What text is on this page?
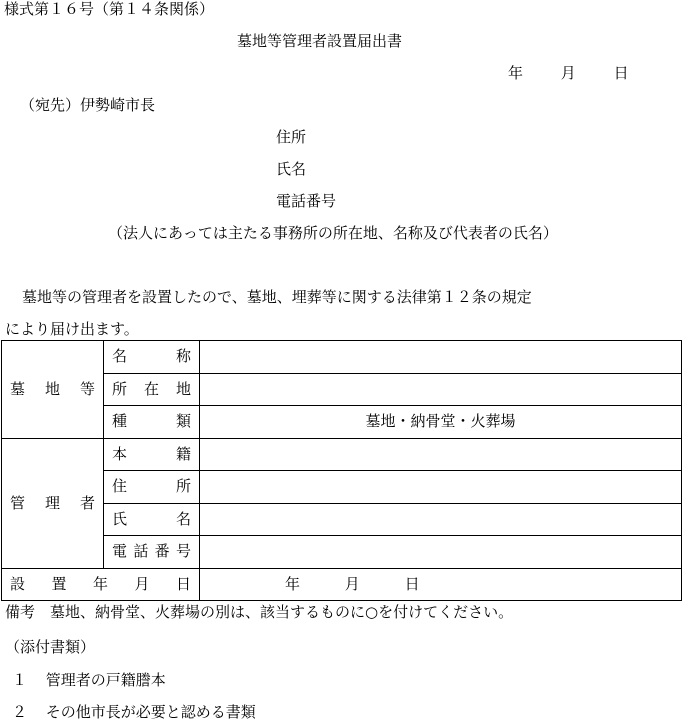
様式第１６号（第１４条関係）
墓地等管理者設置届出書
年	月	日
（宛先）伊勢崎市長
住所
氏名
電話番号
（法人にあっては主たる事務所の所在地、名称及び代表者の氏名）
墓地等の管理者を設置したので、墓地、埋葬等に関する法律第１２条の規定
により届け出ます。
墓 地 等	名 称	

	所 在 地	

	種 類	墓地・納骨堂・火葬場

管 理 者	本 籍	

	住 所	

	氏 名	

	電 話 番 号	

設 置 年 月 日		年 月 日
備考　墓地、納骨堂、火葬場の別は、該当するものに○を付けてください。
（添付書類）
１ 管理者の戸籍謄本
２ その他市長が必要と認める書類
